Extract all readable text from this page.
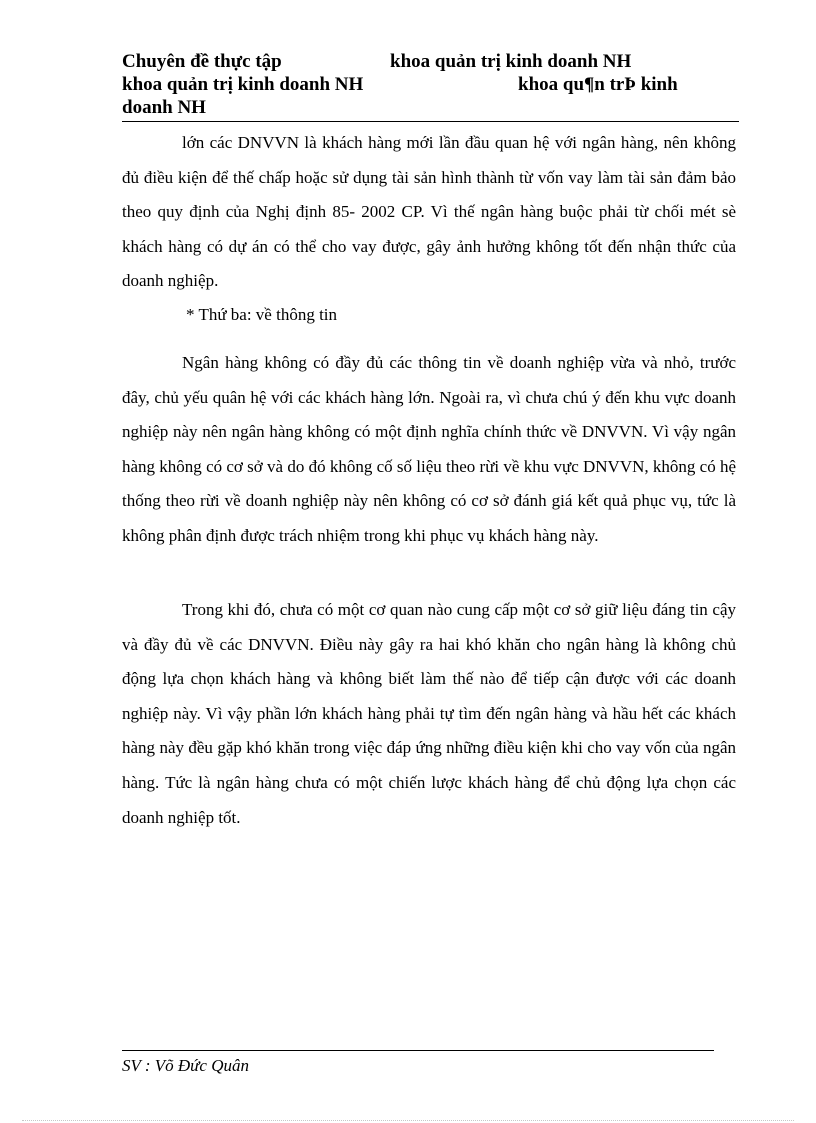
Chuyên đề thực tập	khoa quản trị kinh doanh NH
khoa quản trị kinh doanh NH	khoa qu¶n trÞ kinh
doanh NH

lớn các DNVVN là khách hàng mới lần đầu quan hệ với ngân hàng, nên không đủ điều kiện để thế chấp hoặc sử dụng tài sản hình thành từ vốn vay làm tài sản đảm bảo theo quy định của Nghị định 85- 2002 CP. Vì thế ngân hàng buộc phải từ chối mét sè khách hàng có dự án có thể cho vay được, gây ảnh hưởng không tốt đến nhận thức của doanh nghiệp.

* Thứ ba: về thông tin

Ngân hàng không có đầy đủ các thông tin về doanh nghiệp vừa và nhỏ, trước đây, chủ yếu quân hệ với các khách hàng lớn. Ngoài ra, vì chưa chú ý đến khu vực doanh nghiệp này nên ngân hàng không có một định nghĩa chính thức về DNVVN. Vì vậy ngân hàng không có cơ sở và do đó không cố số liệu theo rừi về khu vực DNVVN, không có hệ thống theo rừi về doanh nghiệp này nên không có cơ sở đánh giá kết quả phục vụ, tức là không phân định được trách nhiệm trong khi phục vụ khách hàng này.

Trong khi đó, chưa có một cơ quan nào cung cấp một cơ sở giữ liệu đáng tin cậy và đầy đủ về các DNVVN. Điều này gây ra hai khó khăn cho ngân hàng là không chủ động lựa chọn khách hàng và không biết làm thế nào để tiếp cận được với các doanh nghiệp này. Vì vậy phần lớn khách hàng phải tự tìm đến ngân hàng và hầu hết các khách hàng này đều gặp khó khăn trong việc đáp ứng những điều kiện khi cho vay vốn của ngân hàng. Tức là ngân hàng chưa có một chiến lược khách hàng để chủ động lựa chọn các doanh nghiệp tốt.

SV : Võ Đức Quân
